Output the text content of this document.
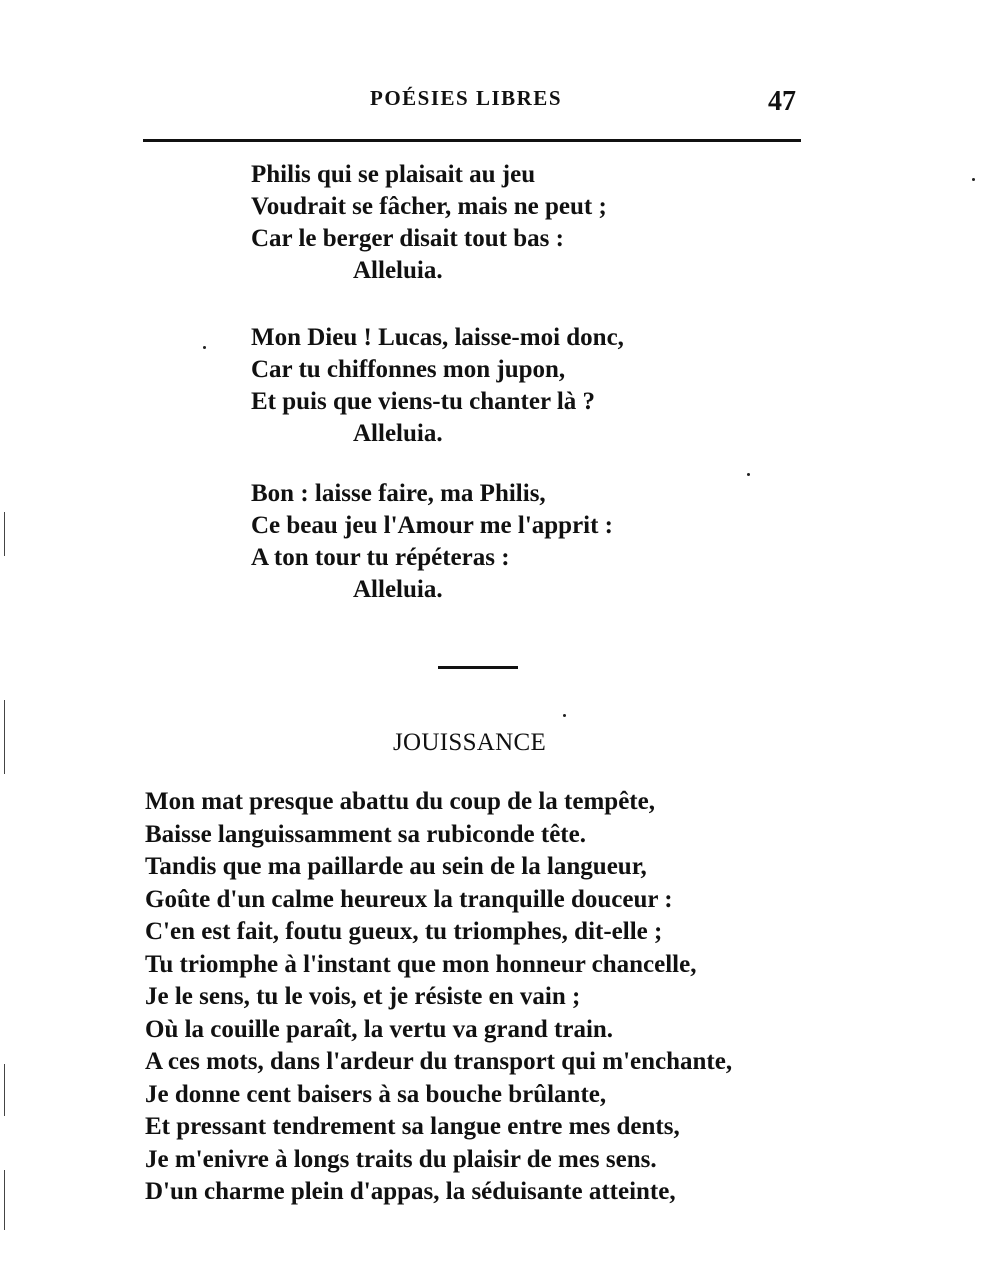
POÉSIES LIBRES	47
Philis qui se plaisait au jeu
Voudrait se fâcher, mais ne peut ;
Car le berger disait tout bas :
Alleluia.
Mon Dieu ! Lucas, laisse-moi donc,
Car tu chiffonnes mon jupon,
Et puis que viens-tu chanter là ?
Alleluia.
Bon : laisse faire, ma Philis,
Ce beau jeu l'Amour me l'apprit :
A ton tour tu répéteras :
Alleluia.
JOUISSANCE
Mon mat presque abattu du coup de la tempête,
Baisse languissamment sa rubiconde tête.
Tandis que ma paillarde au sein de la langueur,
Goûte d'un calme heureux la tranquille douceur :
C'en est fait, foutu gueux, tu triomphes, dit-elle ;
Tu triomphe à l'instant que mon honneur chancelle,
Je le sens, tu le vois, et je résiste en vain ;
Où la couille paraît, la vertu va grand train.
A ces mots, dans l'ardeur du transport qui m'enchante,
Je donne cent baisers à sa bouche brûlante,
Et pressant tendrement sa langue entre mes dents,
Je m'enivre à longs traits du plaisir de mes sens.
D'un charme plein d'appas, la séduisante atteinte,
